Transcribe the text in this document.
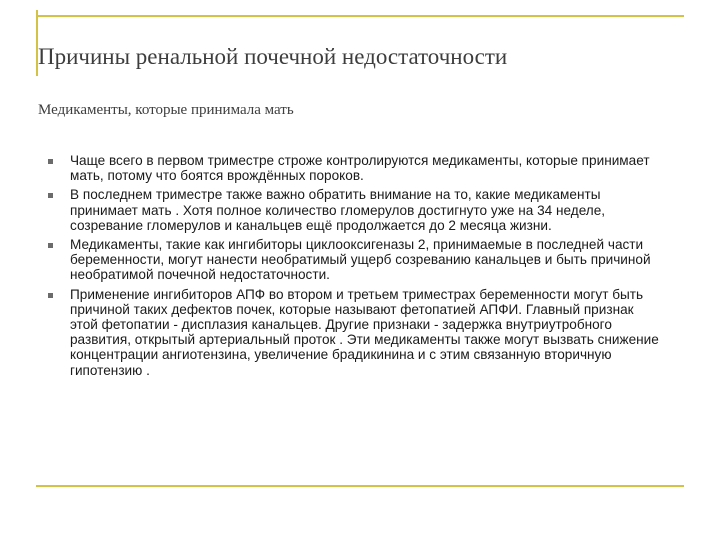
Причины ренальной почечной недостаточности
Медикаменты, которые принимала мать
Чаще всего в первом триместре строже контролируются медикаменты, которые принимает мать, потому что боятся врождённых пороков.
В последнем триместре также важно обратить внимание на то, какие медикаменты принимает мать . Хотя полное количество гломерулов достигнуто уже на 34 неделе, созревание гломерулов и канальцев ещё продолжается до 2 месяца жизни.
Медикаменты, такие как ингибиторы циклооксигеназы 2, принимаемые в последней части беременности, могут нанести необратимый ущерб созреванию канальцев и быть причиной необратимой почечной недостаточности.
Применение ингибиторов АПФ во втором и третьем триместрах беременности могут быть причиной таких дефектов почек, которые называют фетопатией АПФИ. Главный признак этой фетопатии - дисплазия канальцев. Другие признаки - задержка внутриутробного развития, открытый артериальный проток . Эти медикаменты также могут вызвать снижение концентрации ангиотензина, увеличение брадикинина и с этим связанную вторичную гипотензию .
